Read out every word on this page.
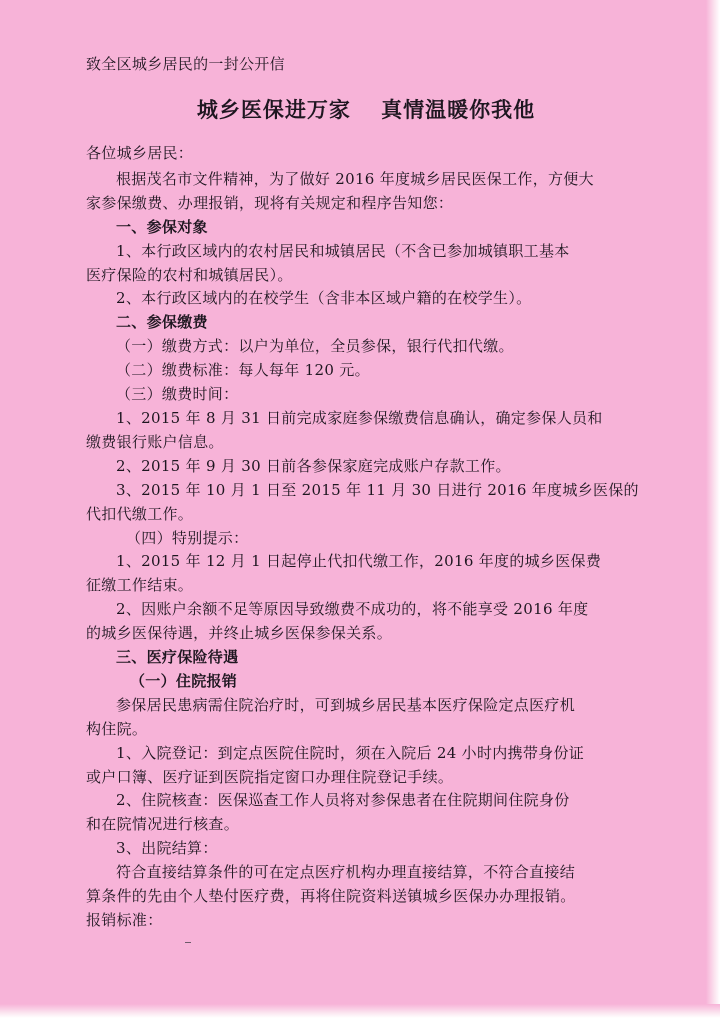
致全区城乡居民的一封公开信
城乡医保进万家　 真情温暖你我他
各位城乡居民：
根据茂名市文件精神，为了做好 2016 年度城乡居民医保工作，方便大
家参保缴费、办理报销，现将有关规定和程序告知您：
一、参保对象
1、本行政区域内的农村居民和城镇居民（不含已参加城镇职工基本
医疗保险的农村和城镇居民）。
2、本行政区域内的在校学生（含非本区域户籍的在校学生）。
二、参保缴费
（一）缴费方式：以户为单位，全员参保，银行代扣代缴。
（二）缴费标准：每人每年 120 元。
（三）缴费时间：
1、2015 年 8 月 31 日前完成家庭参保缴费信息确认，确定参保人员和
缴费银行账户信息。
2、2015 年 9 月 30 日前各参保家庭完成账户存款工作。
3、2015 年 10 月 1 日至 2015 年 11 月 30 日进行 2016 年度城乡医保的
代扣代缴工作。
（四）特别提示：
1、2015 年 12 月 1 日起停止代扣代缴工作，2016 年度的城乡医保费
征缴工作结束。
2、因账户余额不足等原因导致缴费不成功的，将不能享受 2016 年度
的城乡医保待遇，并终止城乡医保参保关系。
三、医疗保险待遇
（一）住院报销
参保居民患病需住院治疗时，可到城乡居民基本医疗保险定点医疗机
构住院。
1、入院登记：到定点医院住院时，须在入院后 24 小时内携带身份证
或户口簿、医疗证到医院指定窗口办理住院登记手续。
2、住院核查：医保巡查工作人员将对参保患者在住院期间住院身份
和在院情况进行核查。
3、出院结算：
符合直接结算条件的可在定点医疗机构办理直接结算，不符合直接结
算条件的先由个人垫付医疗费，再将住院资料送镇城乡医保办办理报销。
报销标准：
